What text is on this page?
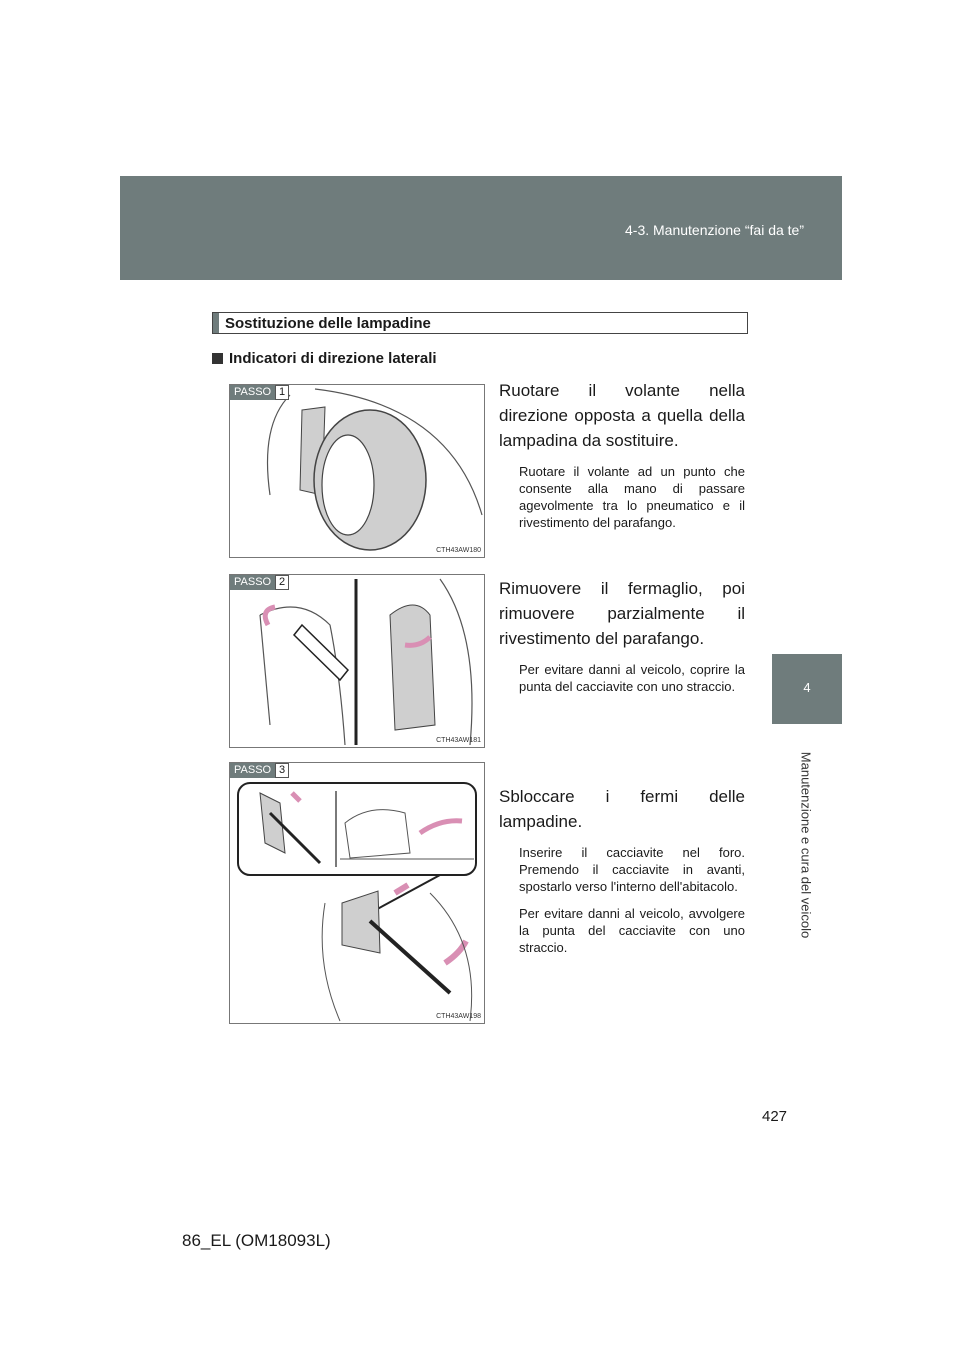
4-3. Manutenzione “fai da te”
4
Manutenzione e cura del veicolo
Sostituzione delle lampadine
Indicatori di direzione laterali
PASSO 1
CTH43AW180
Ruotare il volante nella direzione opposta a quella della lampadina da sostituire.
Ruotare il volante ad un punto che consente alla mano di passare agevolmente tra lo pneumatico e il rivestimento del parafango.
PASSO 2
CTH43AW181
Rimuovere il fermaglio, poi rimuovere parzialmente il rivestimento del parafango.
Per evitare danni al veicolo, coprire la punta del cacciavite con uno straccio.
PASSO 3
CTH43AW198
Sbloccare i fermi delle lampadine.
Inserire il cacciavite nel foro. Premendo il cacciavite in avanti, spostarlo verso l'interno dell'abitacolo.
Per evitare danni al veicolo, avvolgere la punta del cacciavite con uno straccio.
427
86_EL (OM18093L)
